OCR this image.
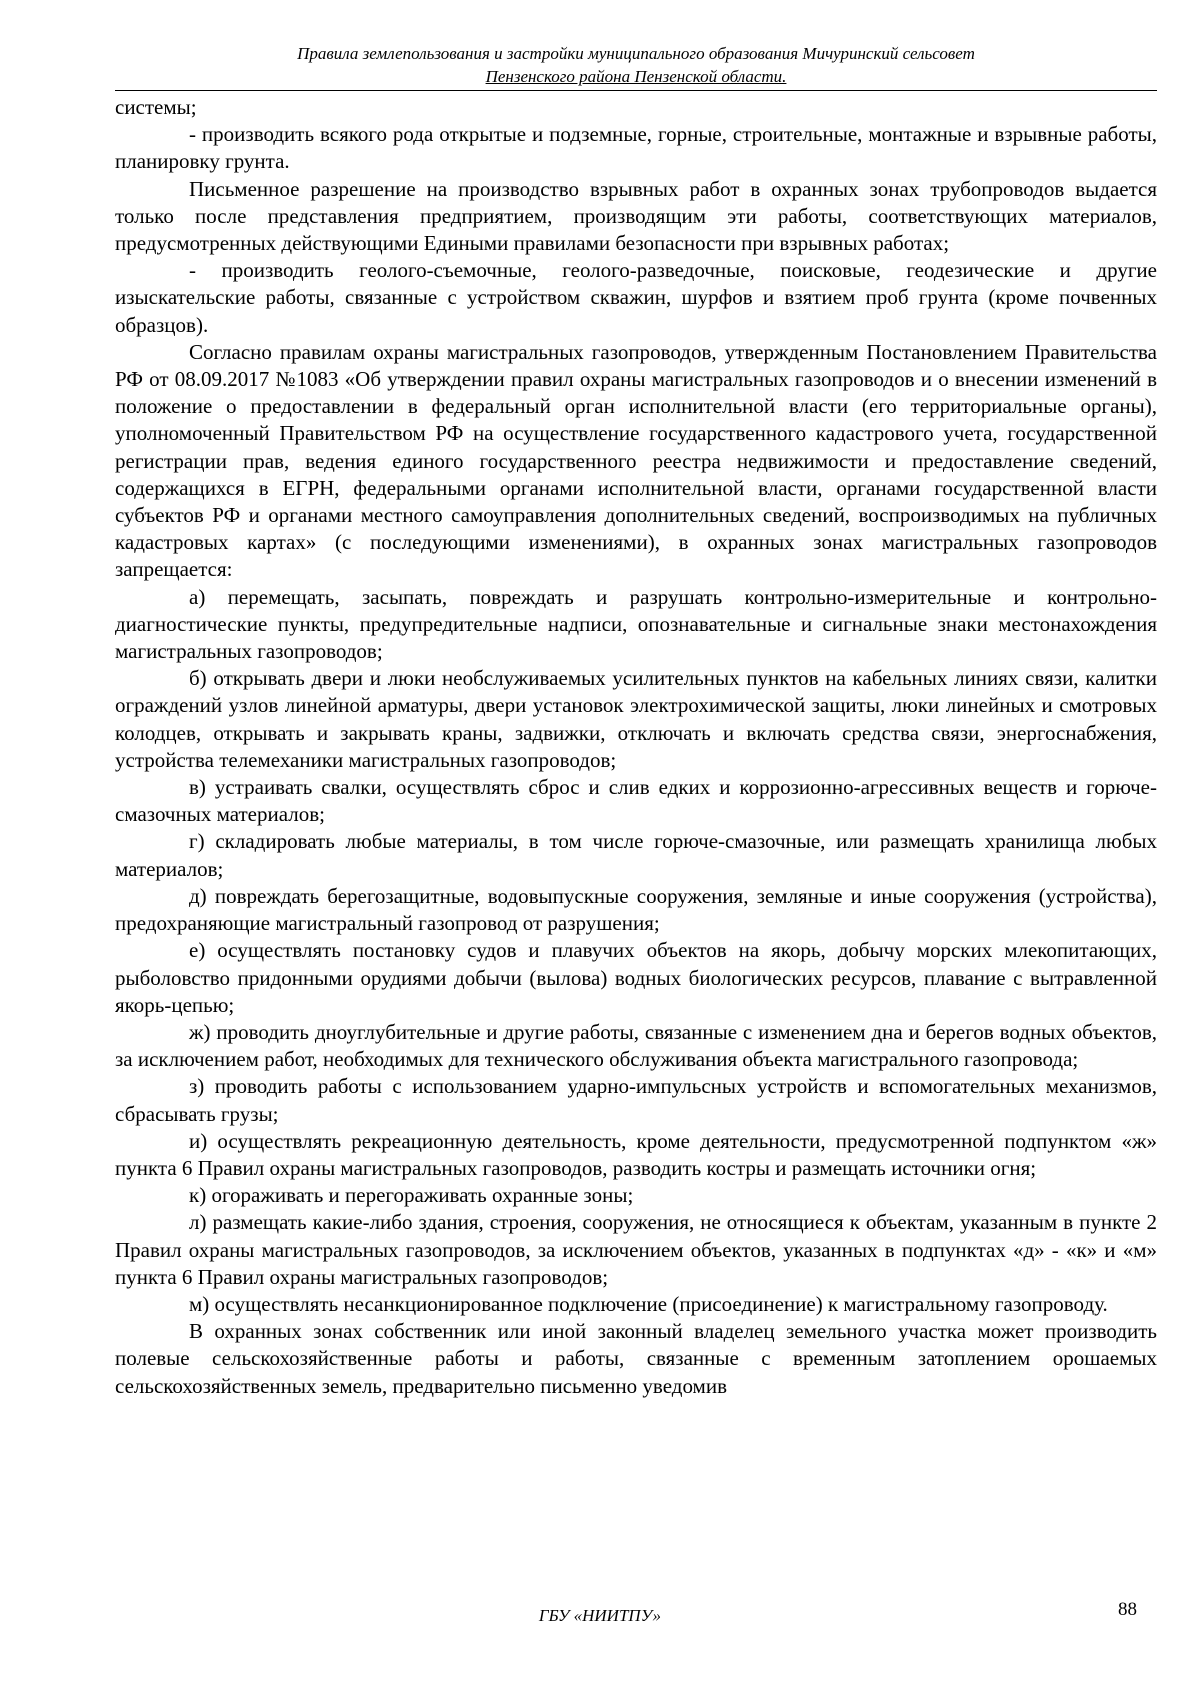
Правила землепользования и застройки муниципального образования Мичуринский сельсовет
Пензенского района Пензенской области.

системы;

- производить всякого рода открытые и подземные, горные, строительные, монтажные и взрывные работы, планировку грунта.

Письменное разрешение на производство взрывных работ в охранных зонах трубопроводов выдается только после представления предприятием, производящим эти работы, соответствующих материалов, предусмотренных действующими Едиными правилами безопасности при взрывных работах;

- производить геолого-съемочные, геолого-разведочные, поисковые, геодезические и другие изыскательские работы, связанные с устройством скважин, шурфов и взятием проб грунта (кроме почвенных образцов).

Согласно правилам охраны магистральных газопроводов, утвержденным Постановлением Правительства РФ от 08.09.2017 №1083 «Об утверждении правил охраны магистральных газопроводов и о внесении изменений в положение о предоставлении в федеральный орган исполнительной власти (его территориальные органы), уполномоченный Правительством РФ на осуществление государственного кадастрового учета, государственной регистрации прав, ведения единого государственного реестра недвижимости и предоставление сведений, содержащихся в ЕГРН, федеральными органами исполнительной власти, органами государственной власти субъектов РФ и органами местного самоуправления дополнительных сведений, воспроизводимых на публичных кадастровых картах» (с последующими изменениями), в охранных зонах магистральных газопроводов запрещается:

а) перемещать, засыпать, повреждать и разрушать контрольно-измерительные и контрольно-диагностические пункты, предупредительные надписи, опознавательные и сигнальные знаки местонахождения магистральных газопроводов;

б) открывать двери и люки необслуживаемых усилительных пунктов на кабельных линиях связи, калитки ограждений узлов линейной арматуры, двери установок электрохимической защиты, люки линейных и смотровых колодцев, открывать и закрывать краны, задвижки, отключать и включать средства связи, энергоснабжения, устройства телемеханики магистральных газопроводов;

в) устраивать свалки, осуществлять сброс и слив едких и коррозионно-агрессивных веществ и горюче-смазочных материалов;

г) складировать любые материалы, в том числе горюче-смазочные, или размещать хранилища любых материалов;

д) повреждать берегозащитные, водовыпускные сооружения, земляные и иные сооружения (устройства), предохраняющие магистральный газопровод от разрушения;

е) осуществлять постановку судов и плавучих объектов на якорь, добычу морских млекопитающих, рыболовство придонными орудиями добычи (вылова) водных биологических ресурсов, плавание с вытравленной якорь-цепью;

ж) проводить дноуглубительные и другие работы, связанные с изменением дна и берегов водных объектов, за исключением работ, необходимых для технического обслуживания объекта магистрального газопровода;

з) проводить работы с использованием ударно-импульсных устройств и вспомогательных механизмов, сбрасывать грузы;

и) осуществлять рекреационную деятельность, кроме деятельности, предусмотренной подпунктом «ж» пункта 6 Правил охраны магистральных газопроводов, разводить костры и размещать источники огня;

к) огораживать и перегораживать охранные зоны;

л) размещать какие-либо здания, строения, сооружения, не относящиеся к объектам, указанным в пункте 2 Правил охраны магистральных газопроводов, за исключением объектов, указанных в подпунктах «д» - «к» и «м» пункта 6 Правил охраны магистральных газопроводов;

м) осуществлять несанкционированное подключение (присоединение) к магистральному газопроводу.

В охранных зонах собственник или иной законный владелец земельного участка может производить полевые сельскохозяйственные работы и работы, связанные с временным затоплением орошаемых сельскохозяйственных земель, предварительно письменно уведомив

ГБУ «НИИТПУ»	88
